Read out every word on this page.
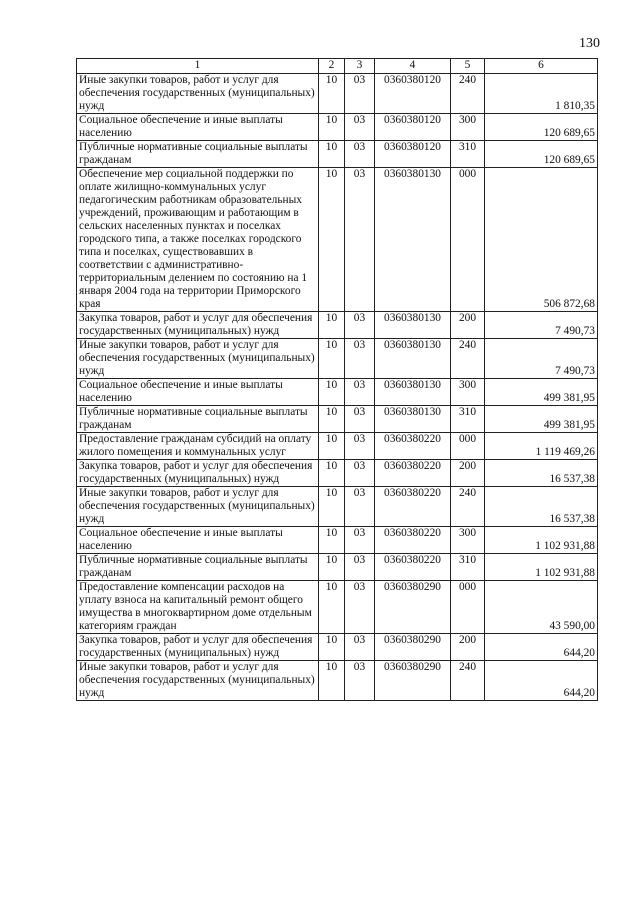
130
1	2	3	4	5	6
Иные закупки товаров, работ и услуг для обеспечения государственных (муниципальных) нужд	10	03	0360380120	240	1 810,35
Социальное обеспечение и иные выплаты населению	10	03	0360380120	300	120 689,65
Публичные нормативные социальные выплаты гражданам	10	03	0360380120	310	120 689,65
Обеспечение мер социальной поддержки по оплате жилищно-коммунальных услуг педагогическим работникам образовательных учреждений, проживающим и работающим в сельских населенных пунктах и поселках городского типа, а также поселках городского типа и поселках, существовавших в соответствии с административно-территориальным делением по состоянию на 1 января 2004 года на территории Приморского края	10	03	0360380130	000	506 872,68
Закупка товаров, работ и услуг для обеспечения государственных (муниципальных) нужд	10	03	0360380130	200	7 490,73
Иные закупки товаров, работ и услуг для обеспечения государственных (муниципальных) нужд	10	03	0360380130	240	7 490,73
Социальное обеспечение и иные выплаты населению	10	03	0360380130	300	499 381,95
Публичные нормативные социальные выплаты гражданам	10	03	0360380130	310	499 381,95
Предоставление гражданам субсидий на оплату жилого помещения и коммунальных услуг	10	03	0360380220	000	1 119 469,26
Закупка товаров, работ и услуг для обеспечения государственных (муниципальных) нужд	10	03	0360380220	200	16 537,38
Иные закупки товаров, работ и услуг для обеспечения государственных (муниципальных) нужд	10	03	0360380220	240	16 537,38
Социальное обеспечение и иные выплаты населению	10	03	0360380220	300	1 102 931,88
Публичные нормативные социальные выплаты гражданам	10	03	0360380220	310	1 102 931,88
Предоставление компенсации расходов на уплату взноса на капитальный ремонт общего имущества в многоквартирном доме отдельным категориям граждан	10	03	0360380290	000	43 590,00
Закупка товаров, работ и услуг для обеспечения государственных (муниципальных) нужд	10	03	0360380290	200	644,20
Иные закупки товаров, работ и услуг для обеспечения государственных (муниципальных) нужд	10	03	0360380290	240	644,20
